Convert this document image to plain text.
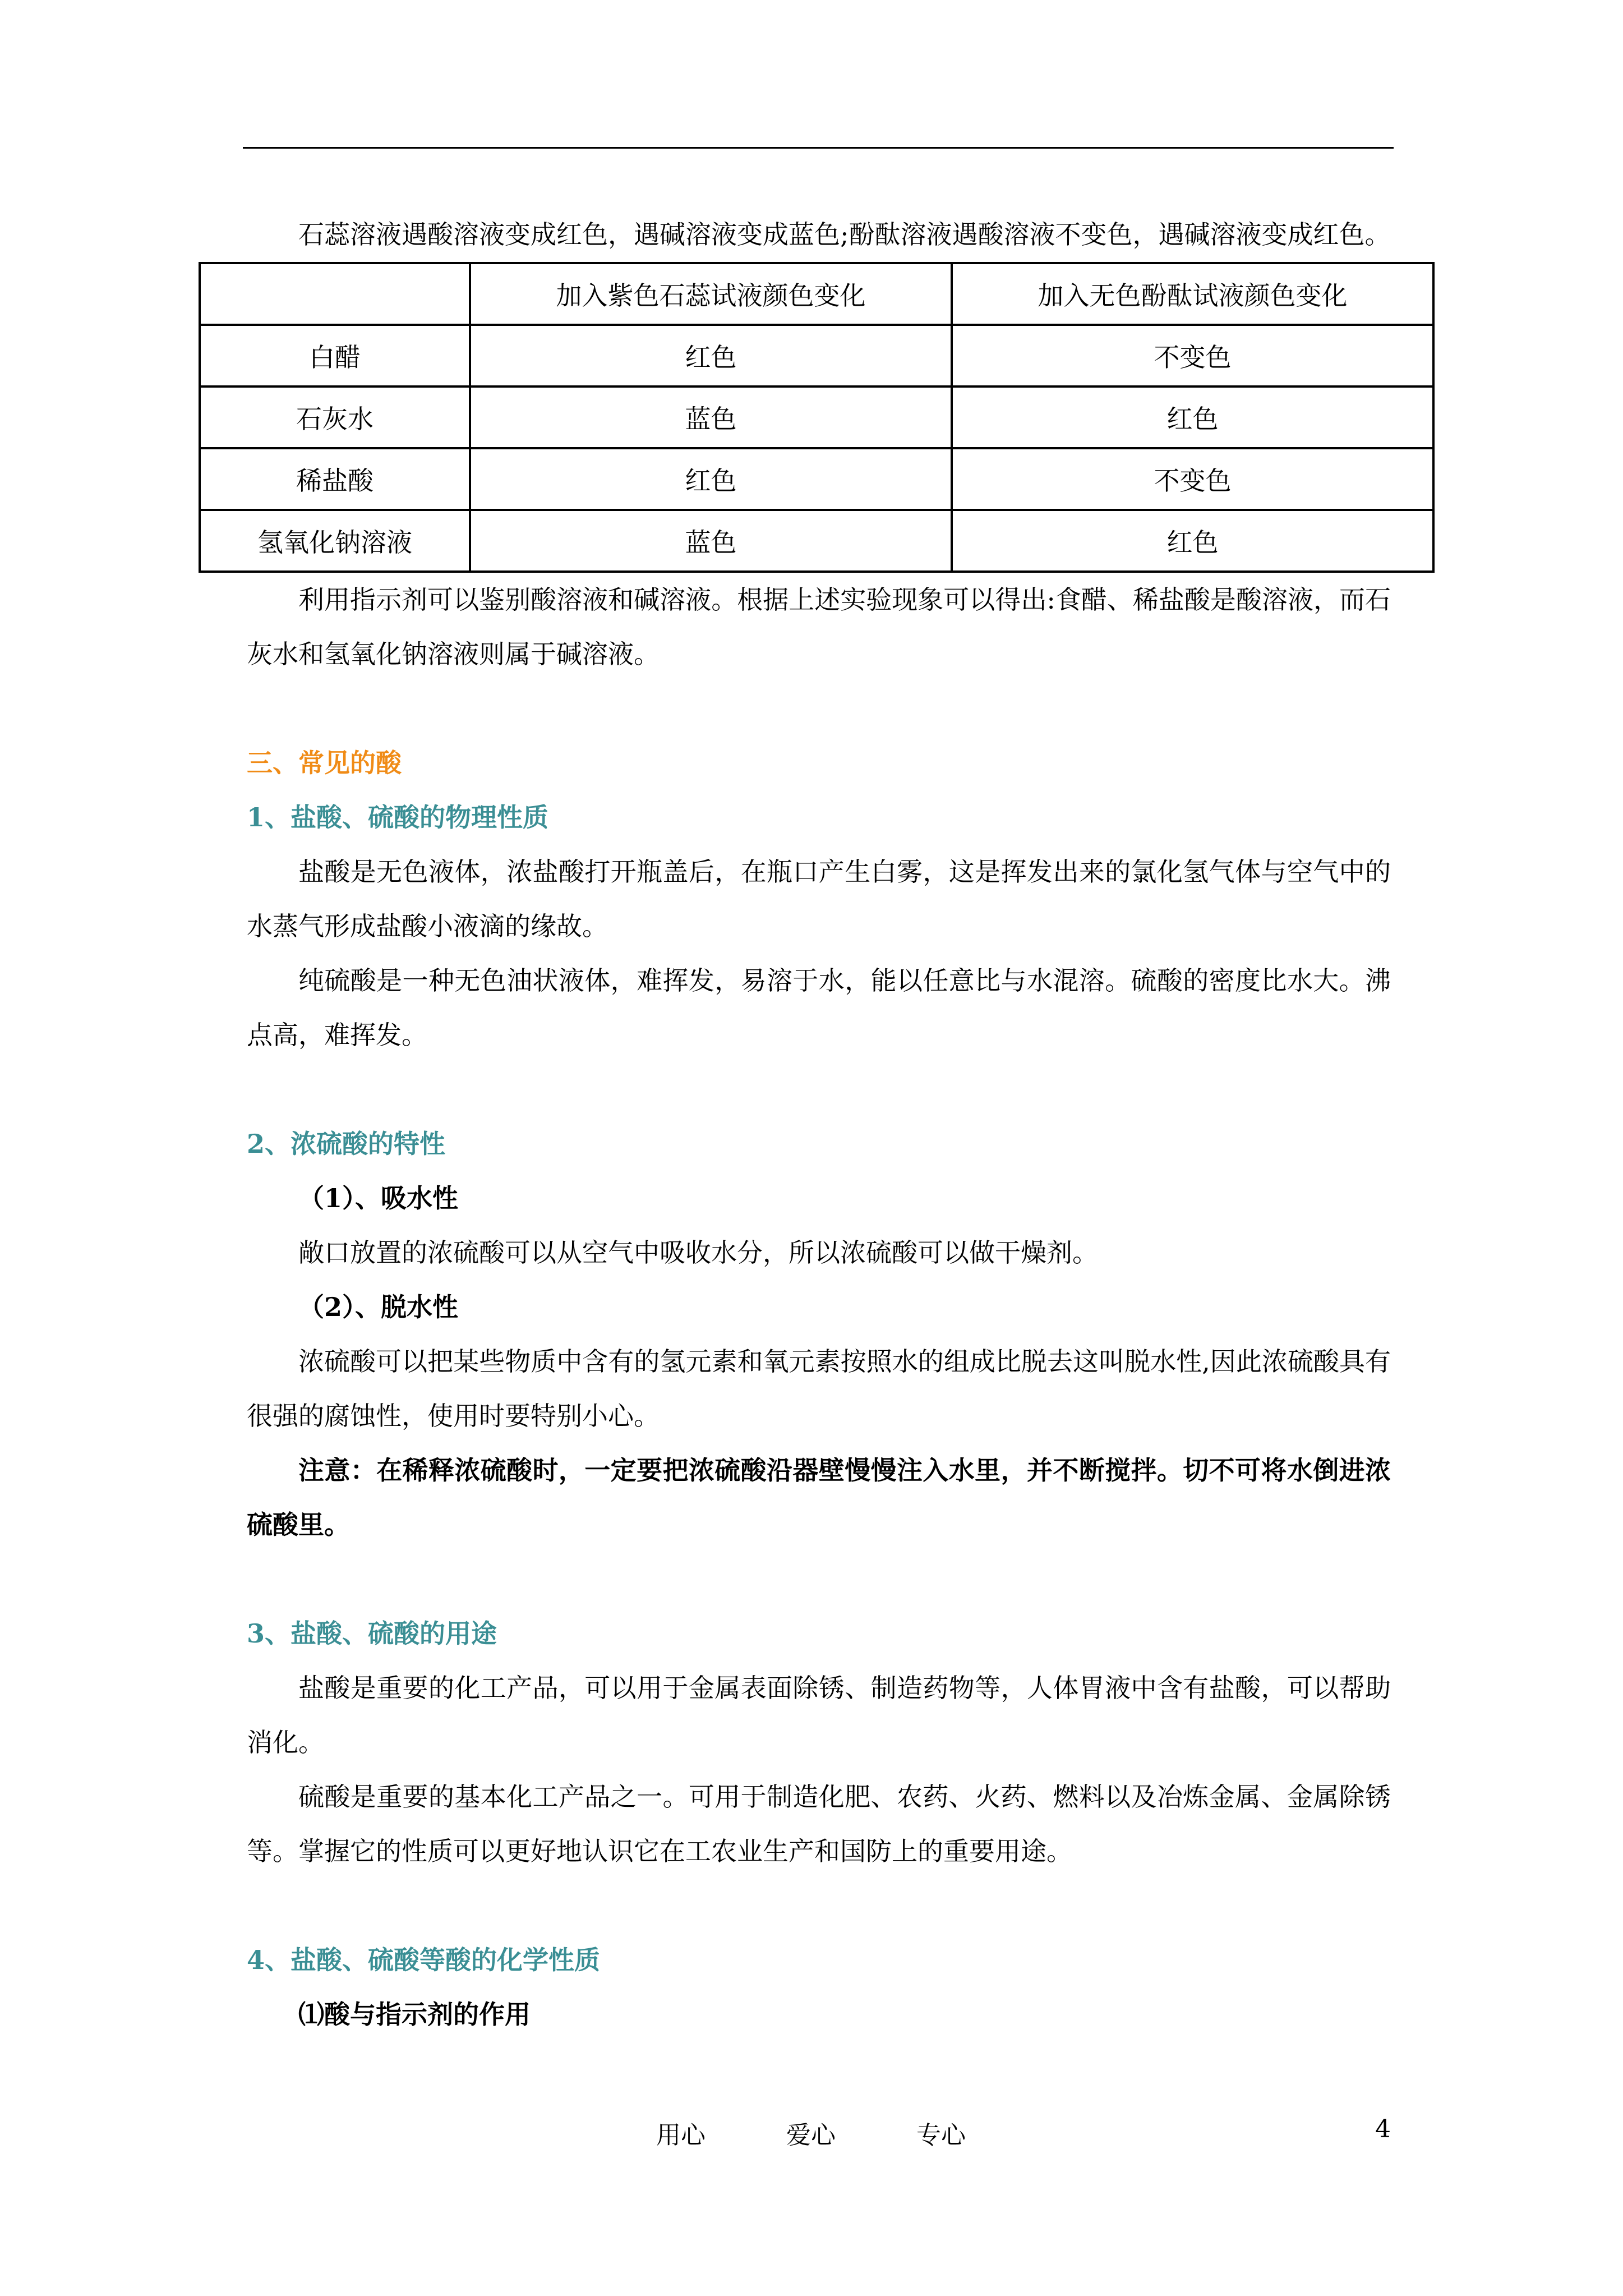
石蕊溶液遇酸溶液变成红色，遇碱溶液变成蓝色;酚酞溶液遇酸溶液不变色，遇碱溶液变成红色。

	加入紫色石蕊试液颜色变化	加入无色酚酞试液颜色变化
白醋	红色	不变色
石灰水	蓝色	红色
稀盐酸	红色	不变色
氢氧化钠溶液	蓝色	红色

利用指示剂可以鉴别酸溶液和碱溶液。根据上述实验现象可以得出:食醋、稀盐酸是酸溶液，而石灰水和氢氧化钠溶液则属于碱溶液。

三、常见的酸
1、盐酸、硫酸的物理性质

盐酸是无色液体，浓盐酸打开瓶盖后，在瓶口产生白雾，这是挥发出来的氯化氢气体与空气中的水蒸气形成盐酸小液滴的缘故。

纯硫酸是一种无色油状液体，难挥发，易溶于水，能以任意比与水混溶。硫酸的密度比水大。沸点高，难挥发。

2、浓硫酸的特性

（1）、吸水性

敞口放置的浓硫酸可以从空气中吸收水分，所以浓硫酸可以做干燥剂。

（2）、脱水性

浓硫酸可以把某些物质中含有的氢元素和氧元素按照水的组成比脱去这叫脱水性,因此浓硫酸具有很强的腐蚀性，使用时要特别小心。

注意：在稀释浓硫酸时，一定要把浓硫酸沿器壁慢慢注入水里，并不断搅拌。切不可将水倒进浓硫酸里。

3、盐酸、硫酸的用途

盐酸是重要的化工产品，可以用于金属表面除锈、制造药物等，人体胃液中含有盐酸，可以帮助消化。

硫酸是重要的基本化工产品之一。可用于制造化肥、农药、火药、燃料以及冶炼金属、金属除锈等。掌握它的性质可以更好地认识它在工农业生产和国防上的重要用途。

4、盐酸、硫酸等酸的化学性质

⑴酸与指示剂的作用

用心	爱心	专心	4
